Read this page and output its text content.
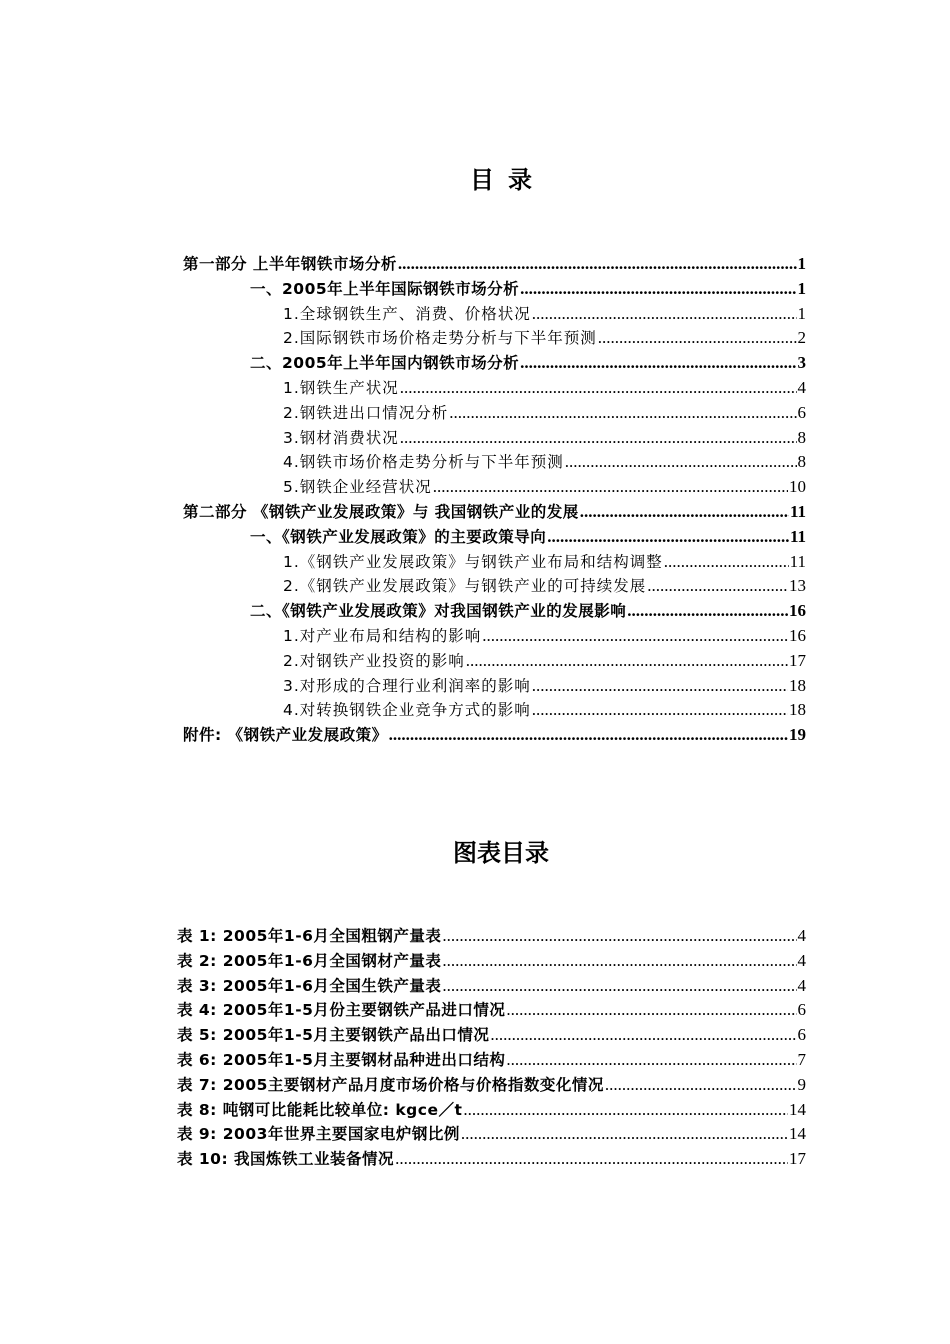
目 录
第一部分 上半年钢铁市场分析 .....	1
一、2005年上半年国际钢铁市场分析 .....	1
1.全球钢铁生产、消费、价格状况 .....	1
2.国际钢铁市场价格走势分析与下半年预测 .....	2
二、2005年上半年国内钢铁市场分析 .....	3
1.钢铁生产状况 .....	4
2.钢铁进出口情况分析 .....	6
3.钢材消费状况 .....	8
4.钢铁市场价格走势分析与下半年预测 .....	8
5.钢铁企业经营状况 .....	10
第二部分 《钢铁产业发展政策》与 我国钢铁产业的发展 .....	11
一、《钢铁产业发展政策》的主要政策导向 .....	11
1.《钢铁产业发展政策》与钢铁产业布局和结构调整 .....	11
2.《钢铁产业发展政策》与钢铁产业的可持续发展 .....	13
二、《钢铁产业发展政策》对我国钢铁产业的发展影响 .....	16
1.对产业布局和结构的影响 .....	16
2.对钢铁产业投资的影响 .....	17
3.对形成的合理行业利润率的影响 .....	18
4.对转换钢铁企业竞争方式的影响 .....	18
附件: 《钢铁产业发展政策》 .....	19
图表目录
表 1: 2005年1-6月全国粗钢产量表 .....	4
表 2: 2005年1-6月全国钢材产量表 .....	4
表 3: 2005年1-6月全国生铁产量表 .....	4
表 4: 2005年1-5月份主要钢铁产品进口情况 .....	6
表 5: 2005年1-5月主要钢铁产品出口情况 .....	6
表 6: 2005年1-5月主要钢材品种进出口结构 .....	7
表 7: 2005主要钢材产品月度市场价格与价格指数变化情况 .....	9
表 8: 吨钢可比能耗比较单位: kgce／t .....	14
表 9: 2003年世界主要国家电炉钢比例 .....	14
表 10: 我国炼铁工业装备情况 .....	17
